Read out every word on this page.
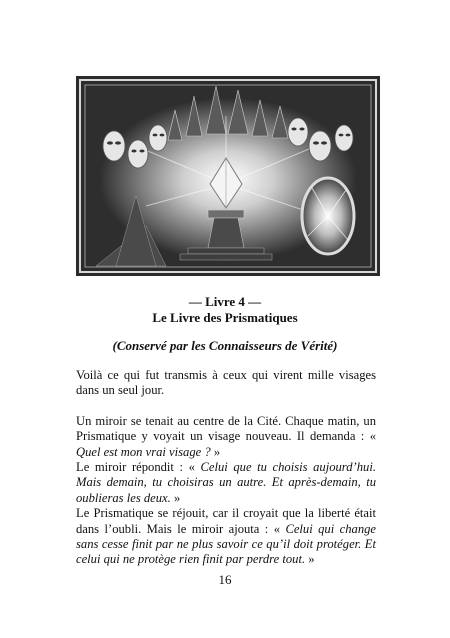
— Livre 4 —
Le Livre des Prismatiques
(Conservé par les Connaisseurs de Vérité)

Voilà ce qui fut transmis à ceux qui virent mille visages dans un seul jour.

Un miroir se tenait au centre de la Cité. Chaque matin, un Prismatique y voyait un visage nouveau. Il demanda : « Quel est mon vrai visage ? »

Le miroir répondit : « Celui que tu choisis aujourd’hui. Mais demain, tu choisiras un autre. Et après-demain, tu oublieras les deux. »

Le Prismatique se réjouit, car il croyait que la liberté était dans l’oubli. Mais le miroir ajouta : « Celui qui change sans cesse finit par ne plus savoir ce qu’il doit protéger. Et celui qui ne protège rien finit par perdre tout. »

16
